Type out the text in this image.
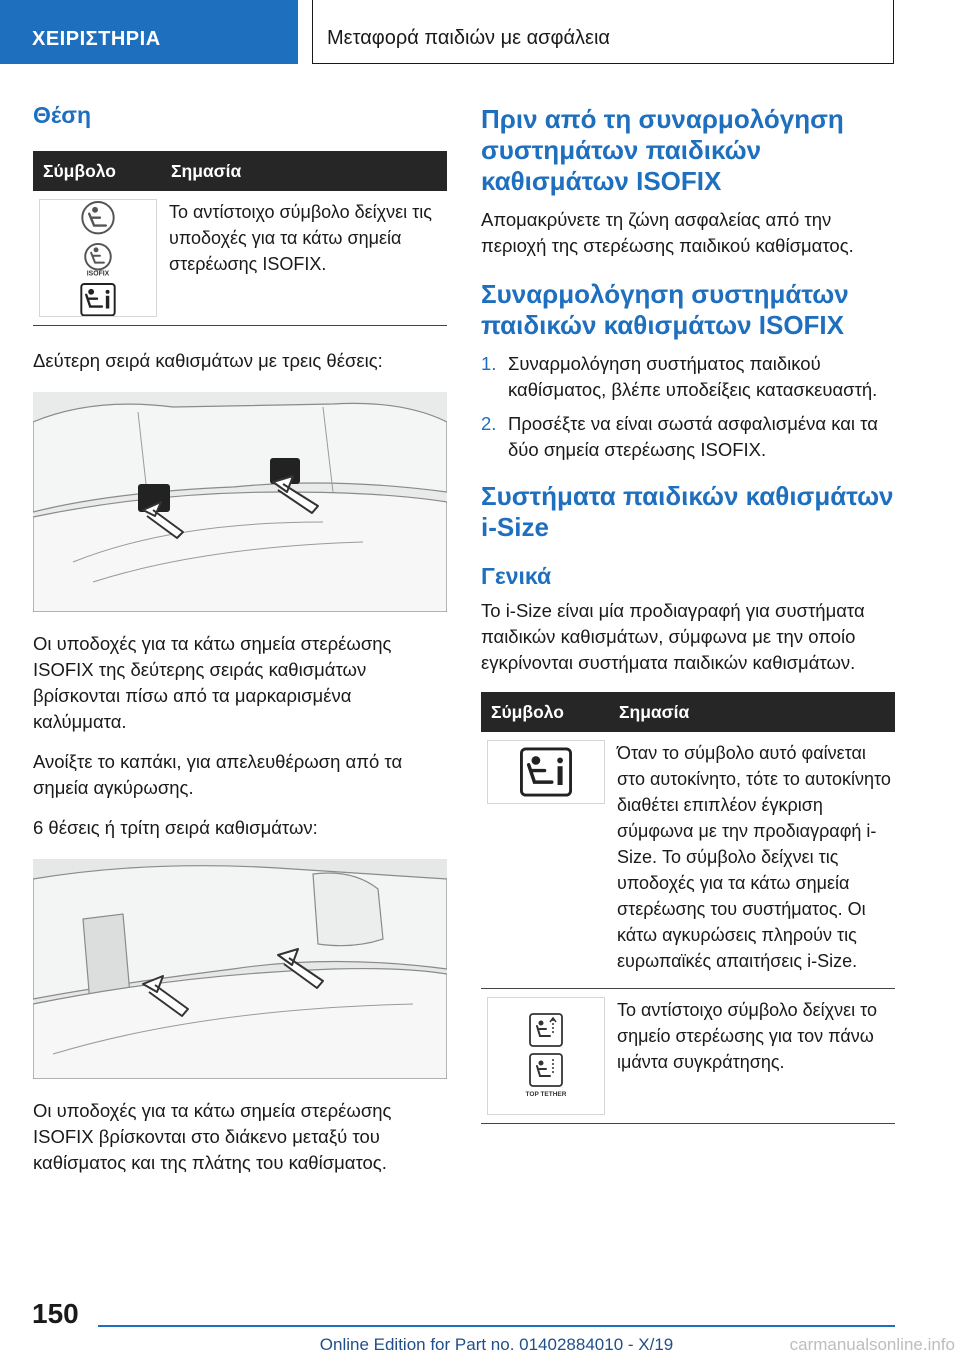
ΧΕΙΡΙΣΤΗΡΙΑ	Μεταφορά παιδιών με ασφάλεια
Θέση
Σύμβολο	Σημασία

ISOFIX	Το αντίστοιχο σύμβολο δείχνει τις υποδοχές για τα κάτω σημεία στερέωσης ISOFIX.

Δεύτερη σειρά καθισμάτων με τρεις θέσεις:

Οι υποδοχές για τα κάτω σημεία στερέωσης ISOFIX της δεύτερης σειράς καθισμάτων βρίσκονται πίσω από τα μαρκαρισμένα καλύμματα.

Ανοίξτε το καπάκι, για απελευθέρωση από τα σημεία αγκύρωσης.

6 θέσεις ή τρίτη σειρά καθισμάτων:

Οι υποδοχές για τα κάτω σημεία στερέωσης ISOFIX βρίσκονται στο διάκενο μεταξύ του καθίσματος και της πλάτης του καθίσματος.

Πριν από τη συναρμολόγηση συστημάτων παιδικών καθισμάτων ISOFIX

Απομακρύνετε τη ζώνη ασφαλείας από την περιοχή της στερέωσης παιδικού καθίσματος.

Συναρμολόγηση συστημάτων παιδικών καθισμάτων ISOFIX
1. Συναρμολόγηση συστήματος παιδικού καθίσματος, βλέπε υποδείξεις κατασκευαστή.
2. Προσέξτε να είναι σωστά ασφαλισμένα και τα δύο σημεία στερέωσης ISOFIX.
Συστήματα παιδικών καθισμάτων i-Size
Γενικά

Το i-Size είναι μία προδιαγραφή για συστήματα παιδικών καθισμάτων, σύμφωνα με την οποίο εγκρίνονται συστήματα παιδικών καθισμάτων.

Σύμβολο	Σημασία

	Όταν το σύμβολο αυτό φαίνεται στο αυτοκίνητο, τότε το αυτοκίνητο διαθέτει επιπλέον έγκριση σύμφωνα με την προδιαγραφή i-Size. Το σύμβολο δείχνει τις υποδοχές για τα κάτω σημεία στερέωσης του συστήματος. Οι κάτω αγκυρώσεις πληρούν τις ευρωπαϊκές απαιτήσεις i-Size.

TOP TETHER	Το αντίστοιχο σύμβολο δείχνει το σημείο στερέωσης για τον πάνω ιμάντα συγκράτησης.
150
Online Edition for Part no. 01402884010 - X/19	carmanualsonline.info
